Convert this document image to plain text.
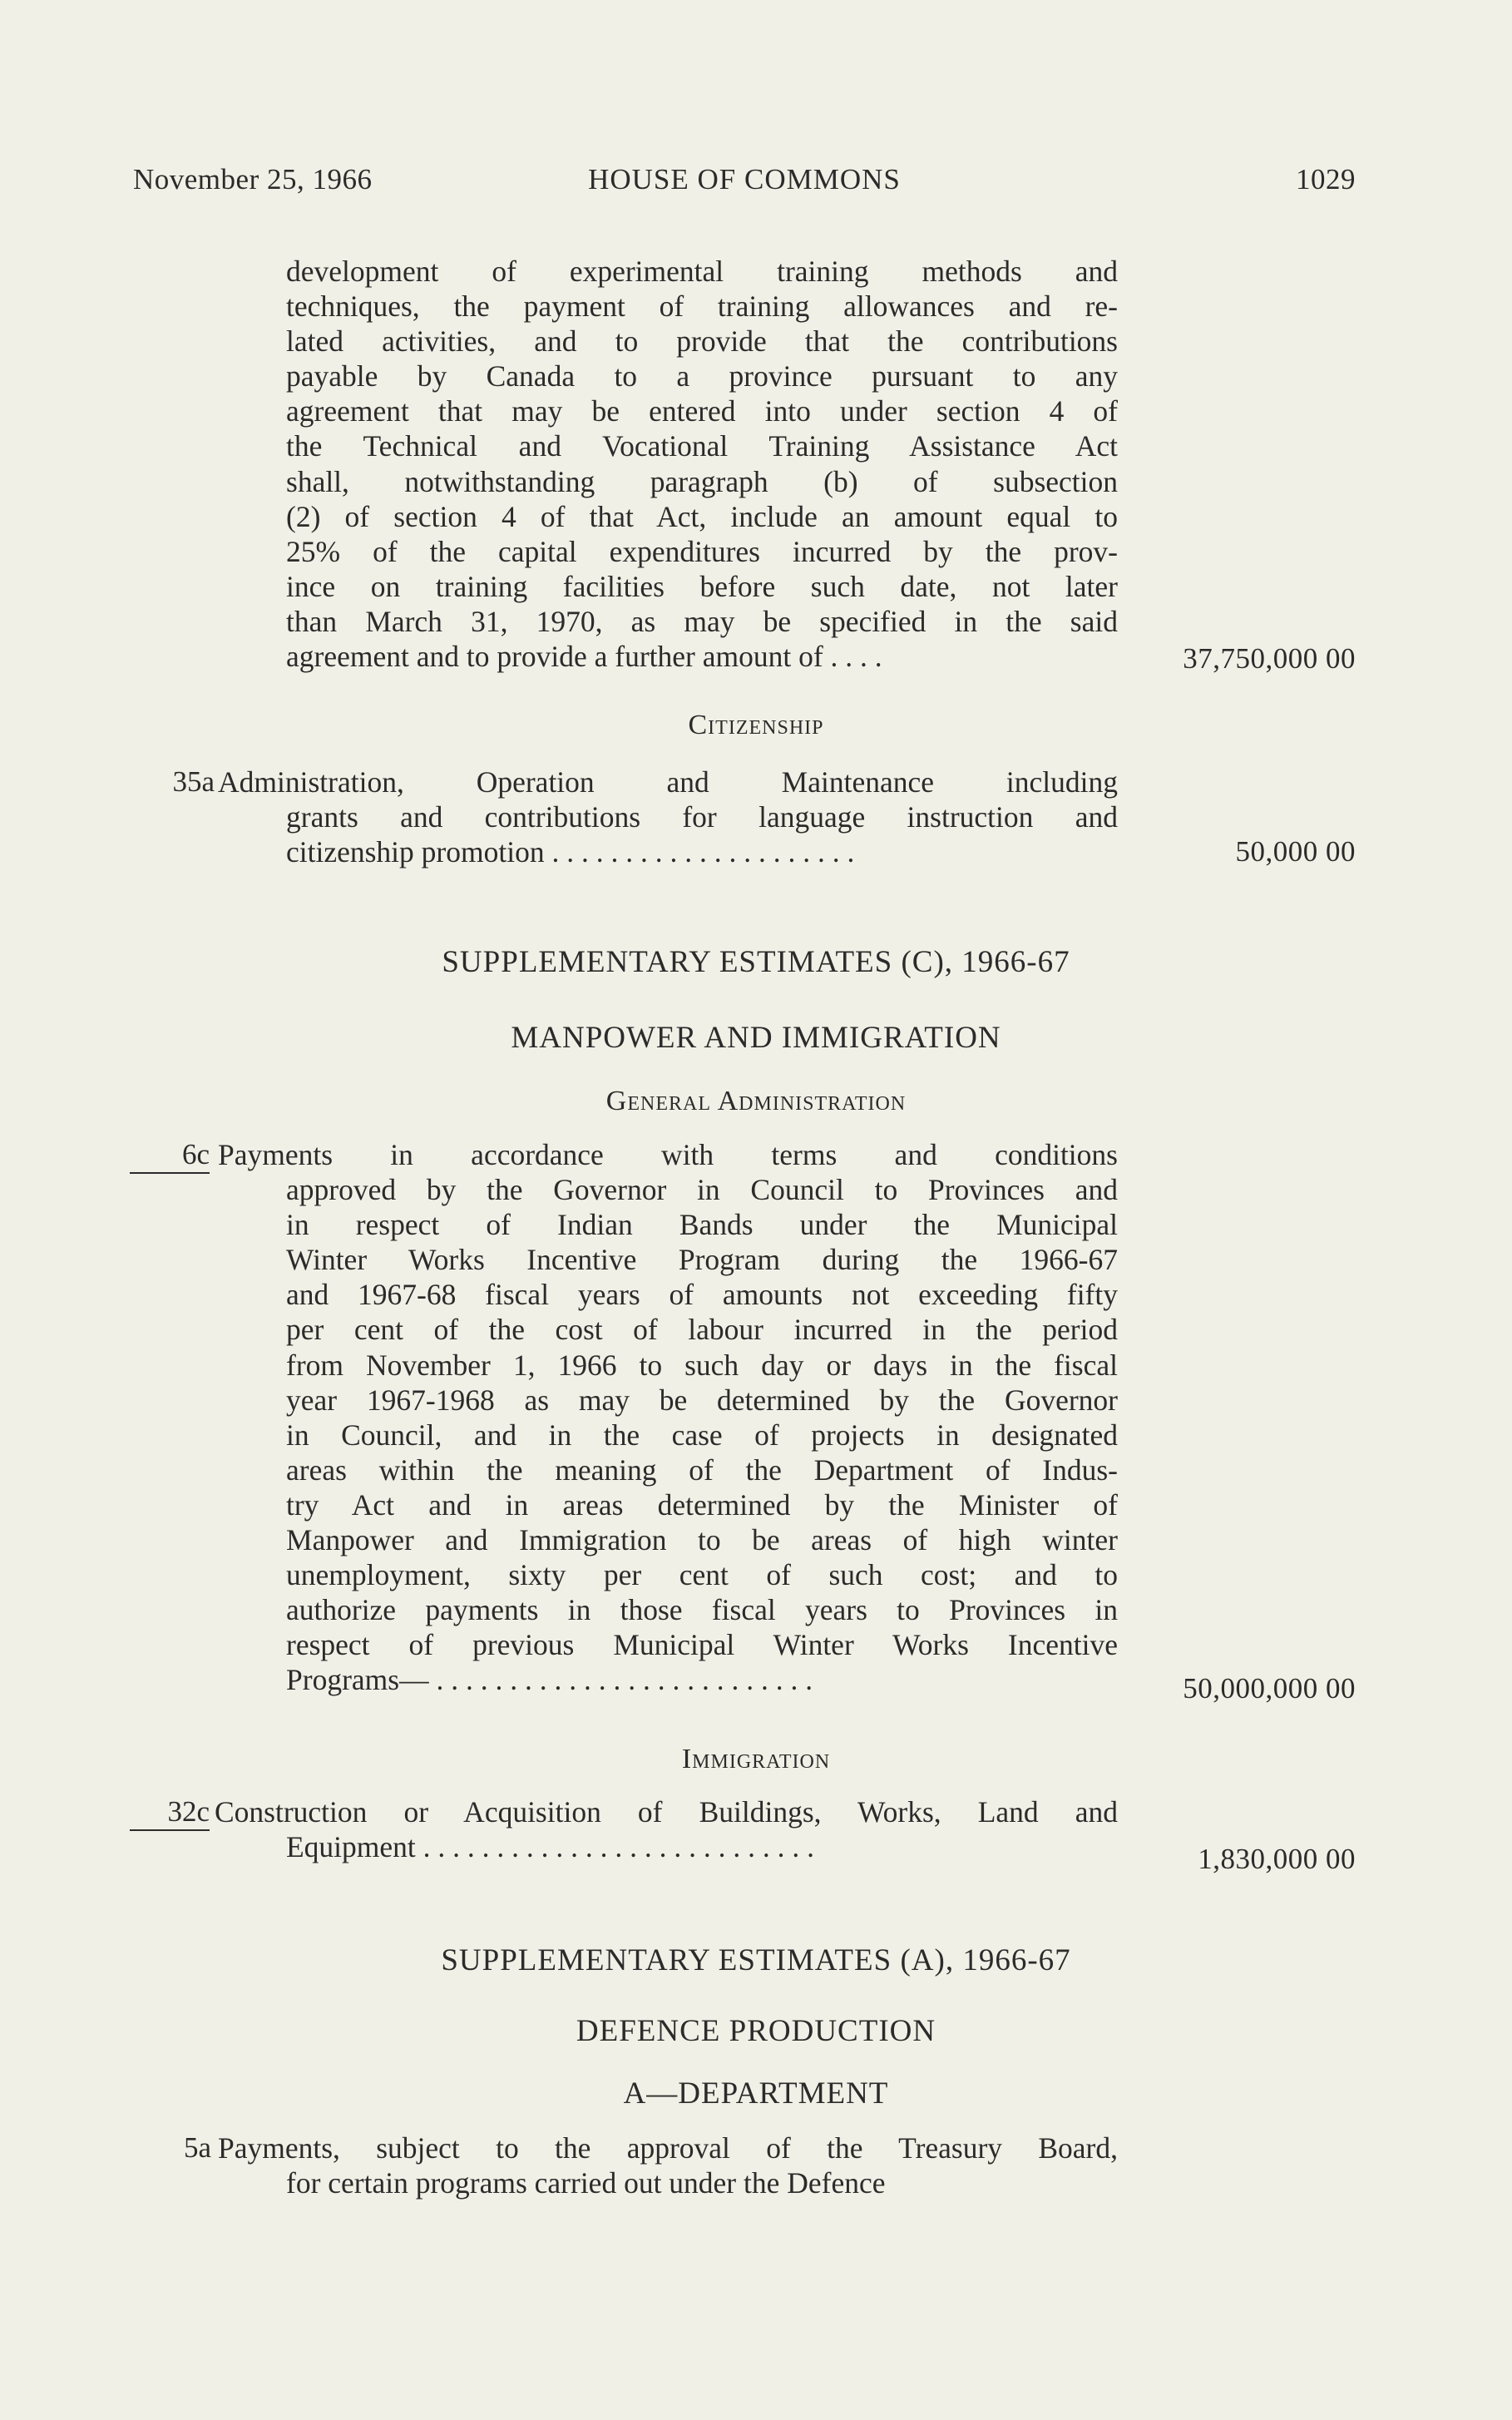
November 25, 1966	HOUSE OF COMMONS	1029
development of experimental training methods and
techniques, the payment of training allowances and re-
lated activities, and to provide that the contributions
payable by Canada to a province pursuant to any
agreement that may be entered into under section 4 of
the Technical and Vocational Training Assistance Act
shall, notwithstanding paragraph (b) of subsection
(2) of section 4 of that Act, include an amount equal to
25% of the capital expenditures incurred by the prov-
ince on training facilities before such date, not later
than March 31, 1970, as may be specified in the said
agreement and to provide a further amount of . . . .	37,750,000 00
Citizenship
35a Administration, Operation and Maintenance including
grants and contributions for language instruction and
citizenship promotion . . . . . . . . . . . . . . . . . . . . .	50,000 00
SUPPLEMENTARY ESTIMATES (C), 1966-67
MANPOWER AND IMMIGRATION
General Administration
6c Payments in accordance with terms and conditions
approved by the Governor in Council to Provinces and
in respect of Indian Bands under the Municipal
Winter Works Incentive Program during the 1966-67
and 1967-68 fiscal years of amounts not exceeding fifty
per cent of the cost of labour incurred in the period
from November 1, 1966 to such day or days in the fiscal
year 1967-1968 as may be determined by the Governor
in Council, and in the case of projects in designated
areas within the meaning of the Department of Indus-
try Act and in areas determined by the Minister of
Manpower and Immigration to be areas of high winter
unemployment, sixty per cent of such cost; and to
authorize payments in those fiscal years to Provinces in
respect of previous Municipal Winter Works Incentive
Programs— . . . . . . . . . . . . . . . . . . . . . . . . . .	50,000,000 00
Immigration
32c Construction or Acquisition of Buildings, Works, Land and
Equipment . . . . . . . . . . . . . . . . . . . . . . . . . . .	1,830,000 00
SUPPLEMENTARY ESTIMATES (A), 1966-67
DEFENCE PRODUCTION
A—DEPARTMENT
5a Payments, subject to the approval of the Treasury Board,
for certain programs carried out under the Defence
